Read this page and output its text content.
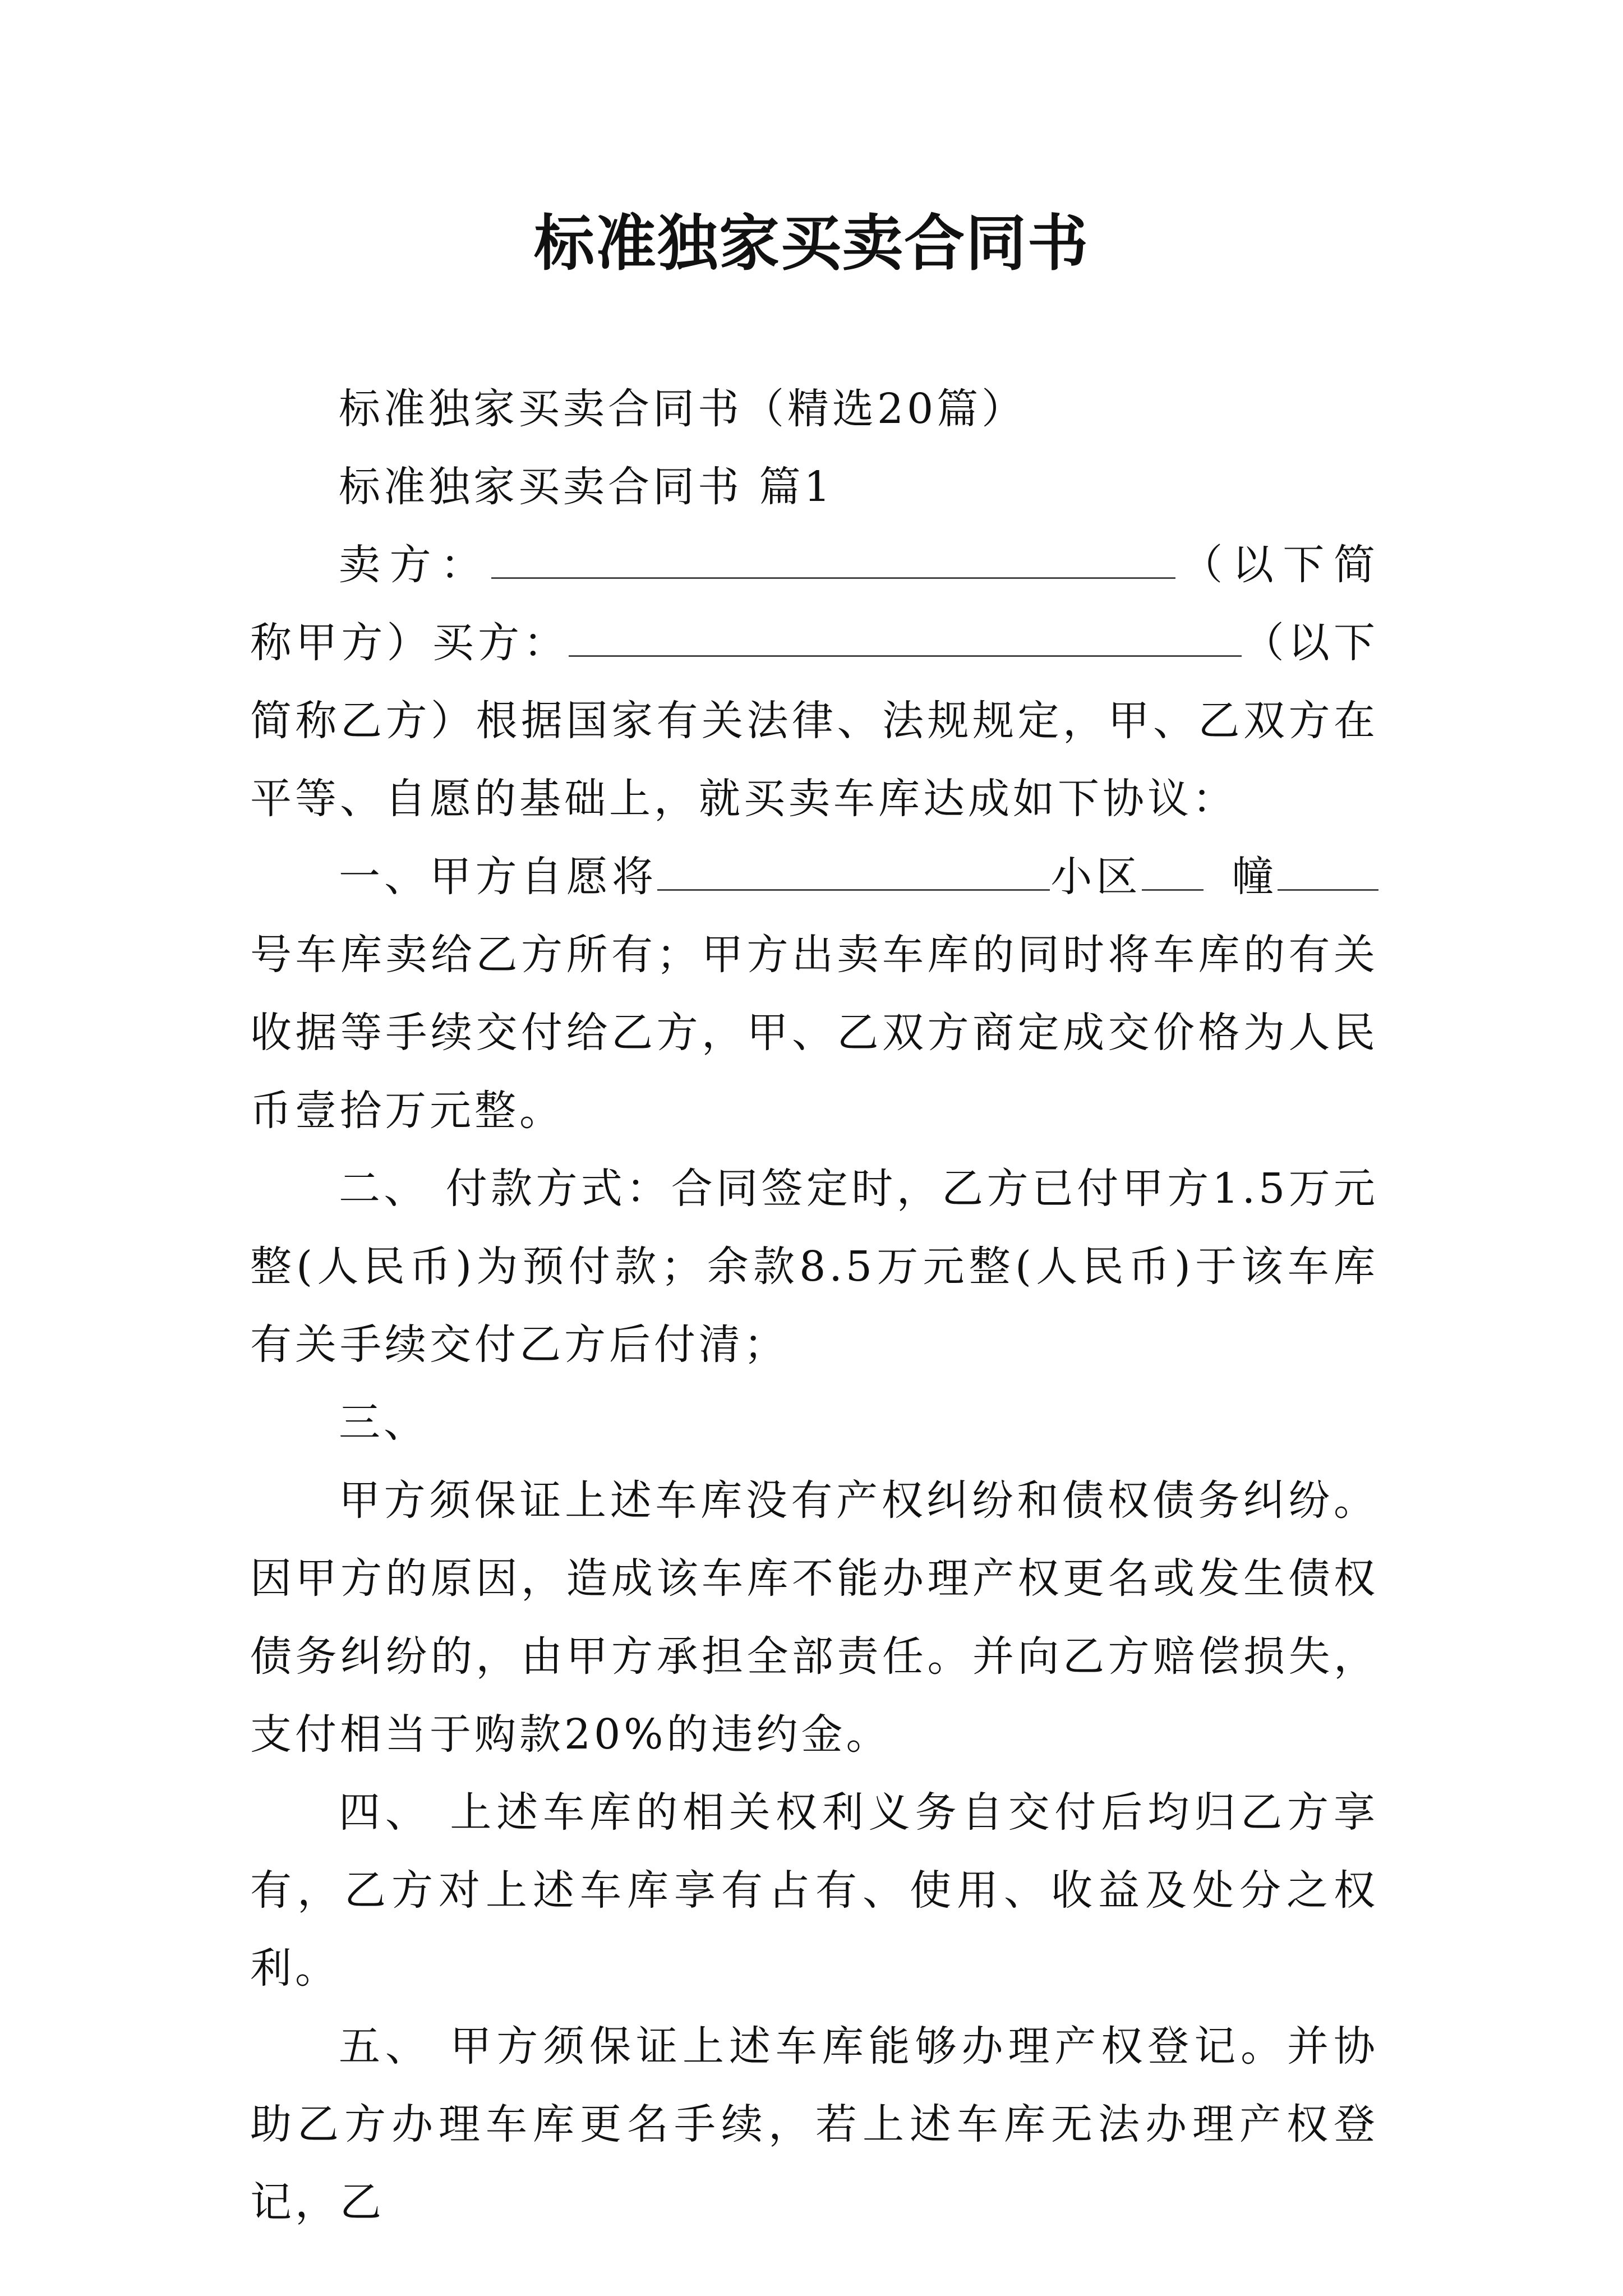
标准独家买卖合同书

标准独家买卖合同书（精选20篇）

标准独家买卖合同书 篇1

卖方：	（以下简称甲方）买方：	（以下简称乙方）根据国家有关法律、法规规定，甲、乙双方在平等、自愿的基础上，就买卖车库达成如下协议：

一、甲方自愿将	小区 幢号车库卖给乙方所有；甲方出卖车库的同时将车库的有关收据等手续交付给乙方，甲、乙双方商定成交价格为人民币壹拾万元整。

二、 付款方式：合同签定时，乙方已付甲方1.5万元整(人民币)为预付款；余款8.5万元整(人民币)于该车库有关手续交付乙方后付清；

三、

甲方须保证上述车库没有产权纠纷和债权债务纠纷。因甲方的原因，造成该车库不能办理产权更名或发生债权债务纠纷的，由甲方承担全部责任。并向乙方赔偿损失，支付相当于购款20%的违约金。

四、 上述车库的相关权利义务自交付后均归乙方享有，乙方对上述车库享有占有、使用、收益及处分之权利。

五、 甲方须保证上述车库能够办理产权登记。并协助乙方办理车库更名手续，若上述车库无法办理产权登记，乙
